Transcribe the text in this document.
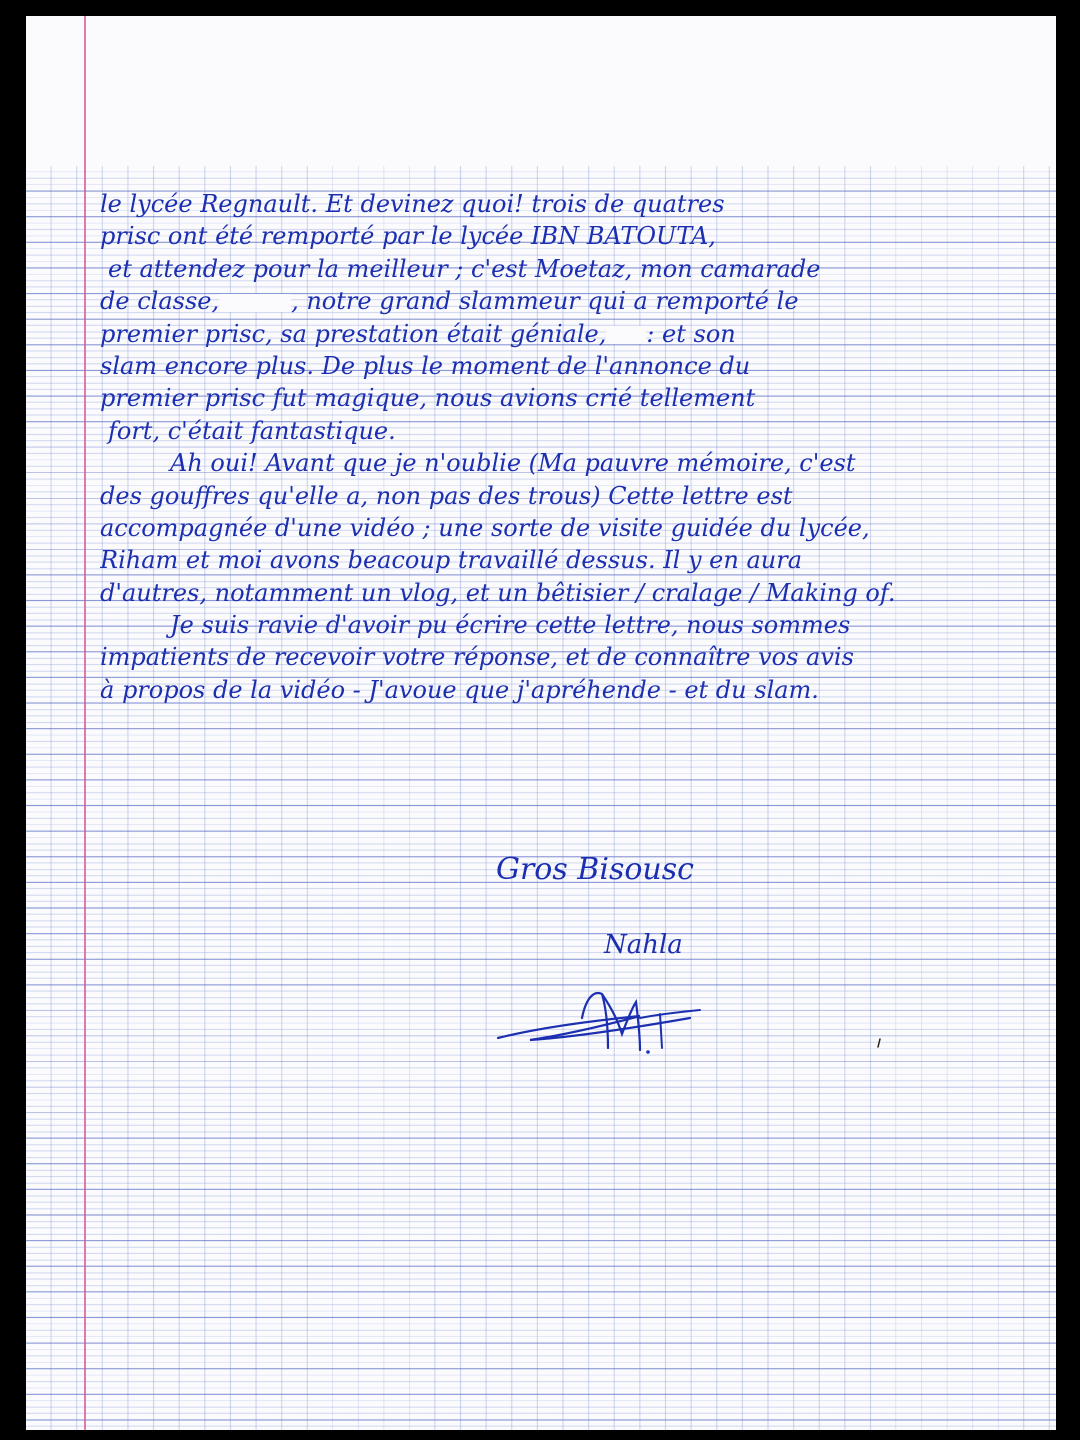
le lycée Regnault. Et devinez quoi! trois de quatres
prisc ont été remporté par le lycée IBN BATOUTA,
et attendez pour la meilleur ; c'est Moetaz, mon camarade
de classe,	, notre grand slammeur qui a remporté le
premier prisc, sa prestation était géniale, : et son
slam encore plus. De plus le moment de l'annonce du
premier prisc fut magique, nous avions crié tellement
fort, c'était fantastique.
Ah oui! Avant que je n'oublie (Ma pauvre mémoire, c'est
des gouffres qu'elle a, non pas des trous) Cette lettre est
accompagnée d'une vidéo ; une sorte de visite guidée du lycée,
Riham et moi avons beacoup travaillé dessus. Il y en aura
d'autres, notamment un vlog, et un bêtisier / cralage / Making of.
Je suis ravie d'avoir pu écrire cette lettre, nous sommes
impatients de recevoir votre réponse, et de connaître vos avis
à propos de la vidéo - J'avoue que j'apréhende - et du slam.
Gros Bisousc
Nahla
